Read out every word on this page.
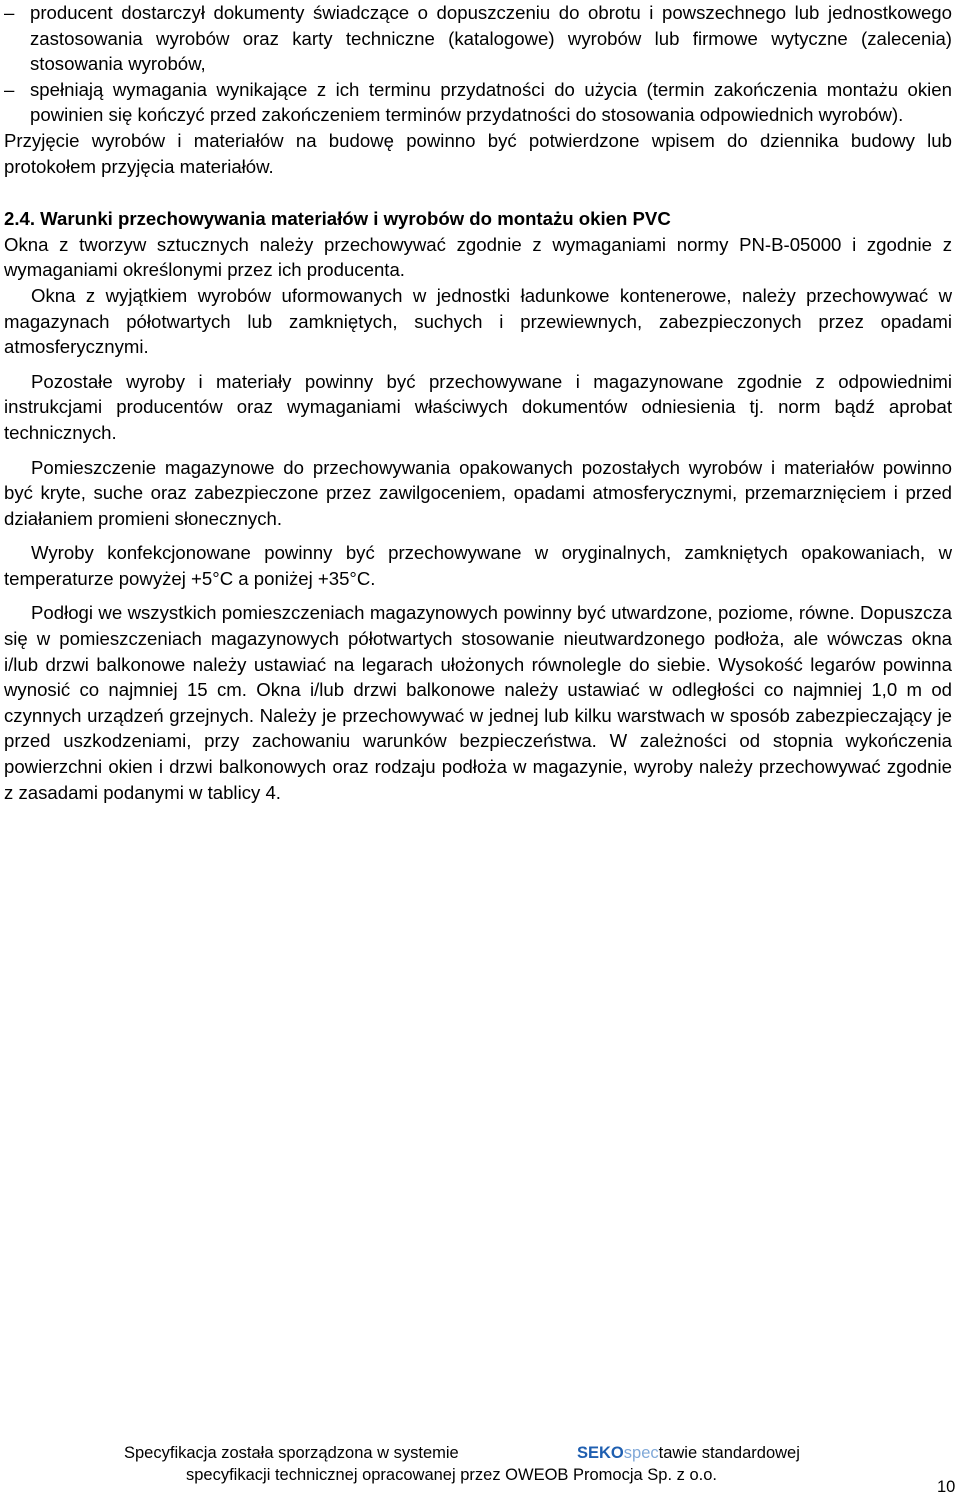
– producent dostarczył dokumenty świadczące o dopuszczeniu do obrotu i powszechnego lub jednostkowego zastosowania wyrobów oraz karty techniczne (katalogowe) wyrobów lub firmowe wytyczne (zalecenia) stosowania wyrobów,
– spełniają wymagania wynikające z ich terminu przydatności do użycia (termin zakończenia montażu okien powinien się kończyć przed zakończeniem terminów przydatności do stosowania odpowiednich wyrobów).

Przyjęcie wyrobów i materiałów na budowę powinno być potwierdzone wpisem do dziennika budowy lub protokołem przyjęcia materiałów.

2.4. Warunki przechowywania materiałów i wyrobów do montażu okien PVC

Okna z tworzyw sztucznych należy przechowywać zgodnie z wymaganiami normy PN-B-05000 i zgodnie z wymaganiami określonymi przez ich producenta.

Okna z wyjątkiem wyrobów uformowanych w jednostki ładunkowe kontenerowe, należy przechowywać w magazynach półotwartych lub zamkniętych, suchych i przewiewnych, zabezpieczonych przez opadami atmosferycznymi.

Pozostałe wyroby i materiały powinny być przechowywane i magazynowane zgodnie z odpowiednimi instrukcjami producentów oraz wymaganiami właściwych dokumentów odniesienia tj. norm bądź aprobat technicznych.

Pomieszczenie magazynowe do przechowywania opakowanych pozostałych wyrobów i materiałów powinno być kryte, suche oraz zabezpieczone przez zawilgoceniem, opadami atmosferycznymi, przemarznięciem i przed działaniem promieni słonecznych.

Wyroby konfekcjonowane powinny być przechowywane w oryginalnych, zamkniętych opakowaniach, w temperaturze powyżej +5°C a poniżej +35°C.

Podłogi we wszystkich pomieszczeniach magazynowych powinny być utwardzone, poziome, równe. Dopuszcza się w pomieszczeniach magazynowych półotwartych stosowanie nieutwardzonego podłoża, ale wówczas okna i/lub drzwi balkonowe należy ustawiać na legarach ułożonych równolegle do siebie. Wysokość legarów powinna wynosić co najmniej 15 cm. Okna i/lub drzwi balkonowe należy ustawiać w odległości co najmniej 1,0 m od czynnych urządzeń grzejnych. Należy je przechowywać w jednej lub kilku warstwach w sposób zabezpieczający je przed uszkodzeniami, przy zachowaniu warunków bezpieczeństwa. W zależności od stopnia wykończenia powierzchni okien i drzwi balkonowych oraz rodzaju podłoża w magazynie, wyroby należy przechowywać zgodnie z zasadami podanymi w tablicy 4.

Specyfikacja została sporządzona w systemie	SEKOspectawie standardowej
specyfikacji technicznej opracowanej przez OWEOB Promocja Sp. z o.o.
10
